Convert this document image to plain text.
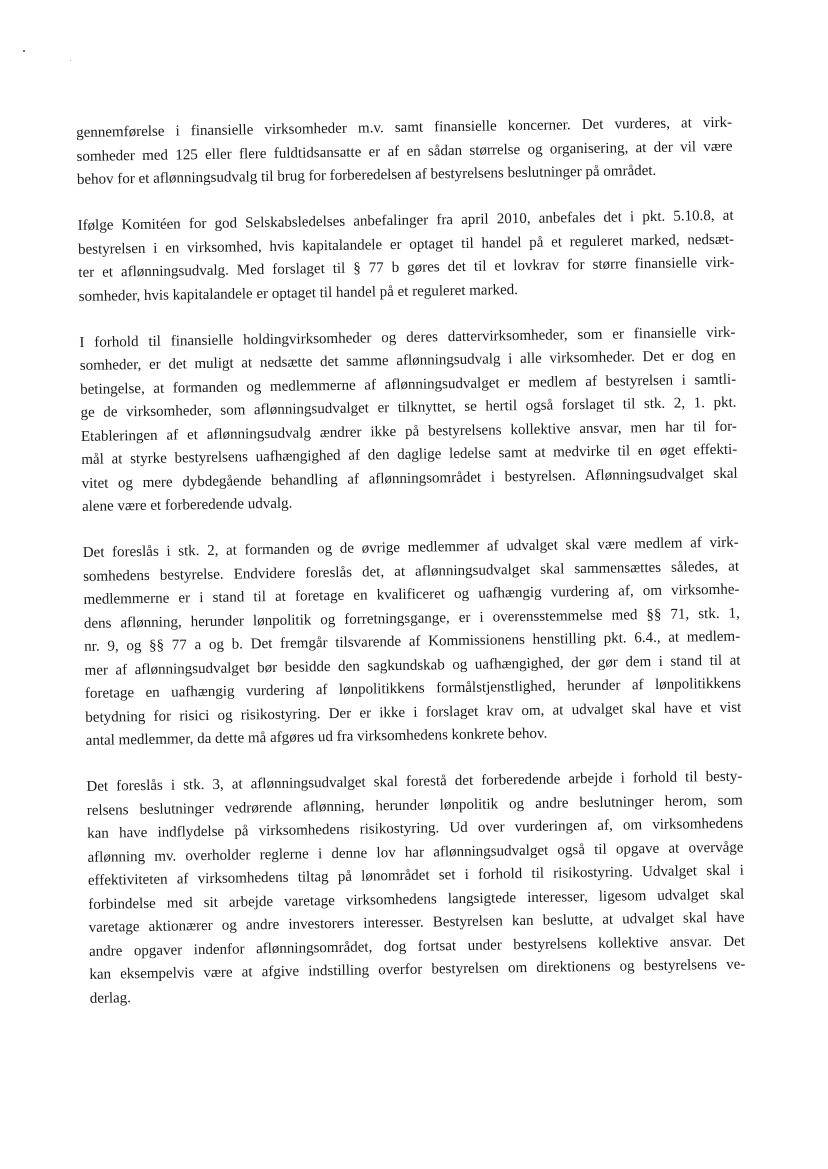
gennemførelse i finansielle virksomheder m.v. samt finansielle koncerner. Det vurderes, at virk-
somheder med 125 eller flere fuldtidsansatte er af en sådan størrelse og organisering, at der vil være
behov for et aflønningsudvalg til brug for forberedelsen af bestyrelsens beslutninger på området.

Ifølge Komitéen for god Selskabsledelses anbefalinger fra april 2010, anbefales det i pkt. 5.10.8, at
bestyrelsen i en virksomhed, hvis kapitalandele er optaget til handel på et reguleret marked, nedsæt-
ter et aflønningsudvalg. Med forslaget til § 77 b gøres det til et lovkrav for større finansielle virk-
somheder, hvis kapitalandele er optaget til handel på et reguleret marked.

I forhold til finansielle holdingvirksomheder og deres dattervirksomheder, som er finansielle virk-
somheder, er det muligt at nedsætte det samme aflønningsudvalg i alle virksomheder. Det er dog en
betingelse, at formanden og medlemmerne af aflønningsudvalget er medlem af bestyrelsen i samtli-
ge de virksomheder, som aflønningsudvalget er tilknyttet, se hertil også forslaget til stk. 2, 1. pkt.
Etableringen af et aflønningsudvalg ændrer ikke på bestyrelsens kollektive ansvar, men har til for-
mål at styrke bestyrelsens uafhængighed af den daglige ledelse samt at medvirke til en øget effekti-
vitet og mere dybdegående behandling af aflønningsområdet i bestyrelsen. Aflønningsudvalget skal
alene være et forberedende udvalg.

Det foreslås i stk. 2, at formanden og de øvrige medlemmer af udvalget skal være medlem af virk-
somhedens bestyrelse. Endvidere foreslås det, at aflønningsudvalget skal sammensættes således, at
medlemmerne er i stand til at foretage en kvalificeret og uafhængig vurdering af, om virksomhe-
dens aflønning, herunder lønpolitik og forretningsgange, er i overensstemmelse med §§ 71, stk. 1,
nr. 9, og §§ 77 a og b. Det fremgår tilsvarende af Kommissionens henstilling pkt. 6.4., at medlem-
mer af aflønningsudvalget bør besidde den sagkundskab og uafhængighed, der gør dem i stand til at
foretage en uafhængig vurdering af lønpolitikkens formålstjenstlighed, herunder af lønpolitikkens
betydning for risici og risikostyring. Der er ikke i forslaget krav om, at udvalget skal have et vist
antal medlemmer, da dette må afgøres ud fra virksomhedens konkrete behov.

Det foreslås i stk. 3, at aflønningsudvalget skal forestå det forberedende arbejde i forhold til besty-
relsens beslutninger vedrørende aflønning, herunder lønpolitik og andre beslutninger herom, som
kan have indflydelse på virksomhedens risikostyring. Ud over vurderingen af, om virksomhedens
aflønning mv. overholder reglerne i denne lov har aflønningsudvalget også til opgave at overvåge
effektiviteten af virksomhedens tiltag på lønområdet set i forhold til risikostyring. Udvalget skal i
forbindelse med sit arbejde varetage virksomhedens langsigtede interesser, ligesom udvalget skal
varetage aktionærer og andre investorers interesser. Bestyrelsen kan beslutte, at udvalget skal have
andre opgaver indenfor aflønningsområdet, dog fortsat under bestyrelsens kollektive ansvar. Det
kan eksempelvis være at afgive indstilling overfor bestyrelsen om direktionens og bestyrelsens ve-
derlag.
